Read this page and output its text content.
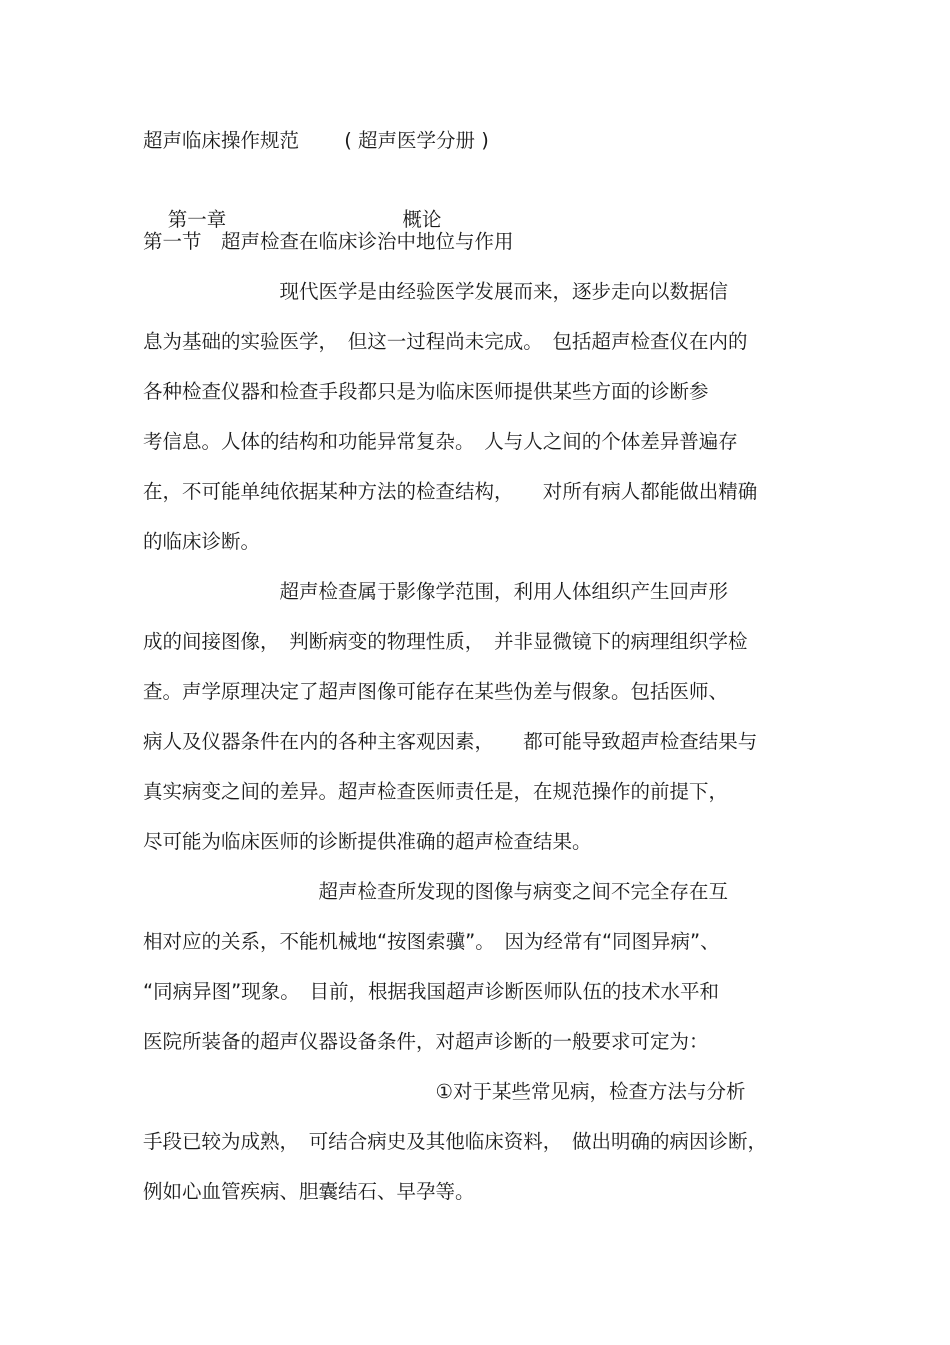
超声临床操作规范　 　( 超声医学分册 )

第一章	概论

第一节　超声检查在临床诊治中地位与作用
　　　　　　　现代医学是由经验医学发展而来，逐步走向以数据信
息为基础的实验医学，　但这一过程尚未完成。　包括超声检查仪在内的
各种检查仪器和检查手段都只是为临床医师提供某些方面的诊断参
考信息。人体的结构和功能异常复杂。　人与人之间的个体差异普遍存
在，不可能单纯依据某种方法的检查结构，　　对所有病人都能做出精确
的临床诊断。
　　　　　　　超声检查属于影像学范围，利用人体组织产生回声形
成的间接图像，　判断病变的物理性质，　并非显微镜下的病理组织学检
查。声学原理决定了超声图像可能存在某些伪差与假象。包括医师、
病人及仪器条件在内的各种主客观因素，　　都可能导致超声检查结果与
真实病变之间的差异。超声检查医师责任是，在规范操作的前提下，
尽可能为临床医师的诊断提供准确的超声检查结果。
　　　　　　　　　超声检查所发现的图像与病变之间不完全存在互
相对应的关系，不能机械地“按图索骥”。　因为经常有“同图异病”、
“同病异图”现象。　目前，根据我国超声诊断医师队伍的技术水平和
医院所装备的超声仪器设备条件，对超声诊断的一般要求可定为：
　　　　　　　　　　　　　　　①对于某些常见病，检查方法与分析
手段已较为成熟，　可结合病史及其他临床资料，　做出明确的病因诊断，
例如心血管疾病、胆囊结石、早孕等。
